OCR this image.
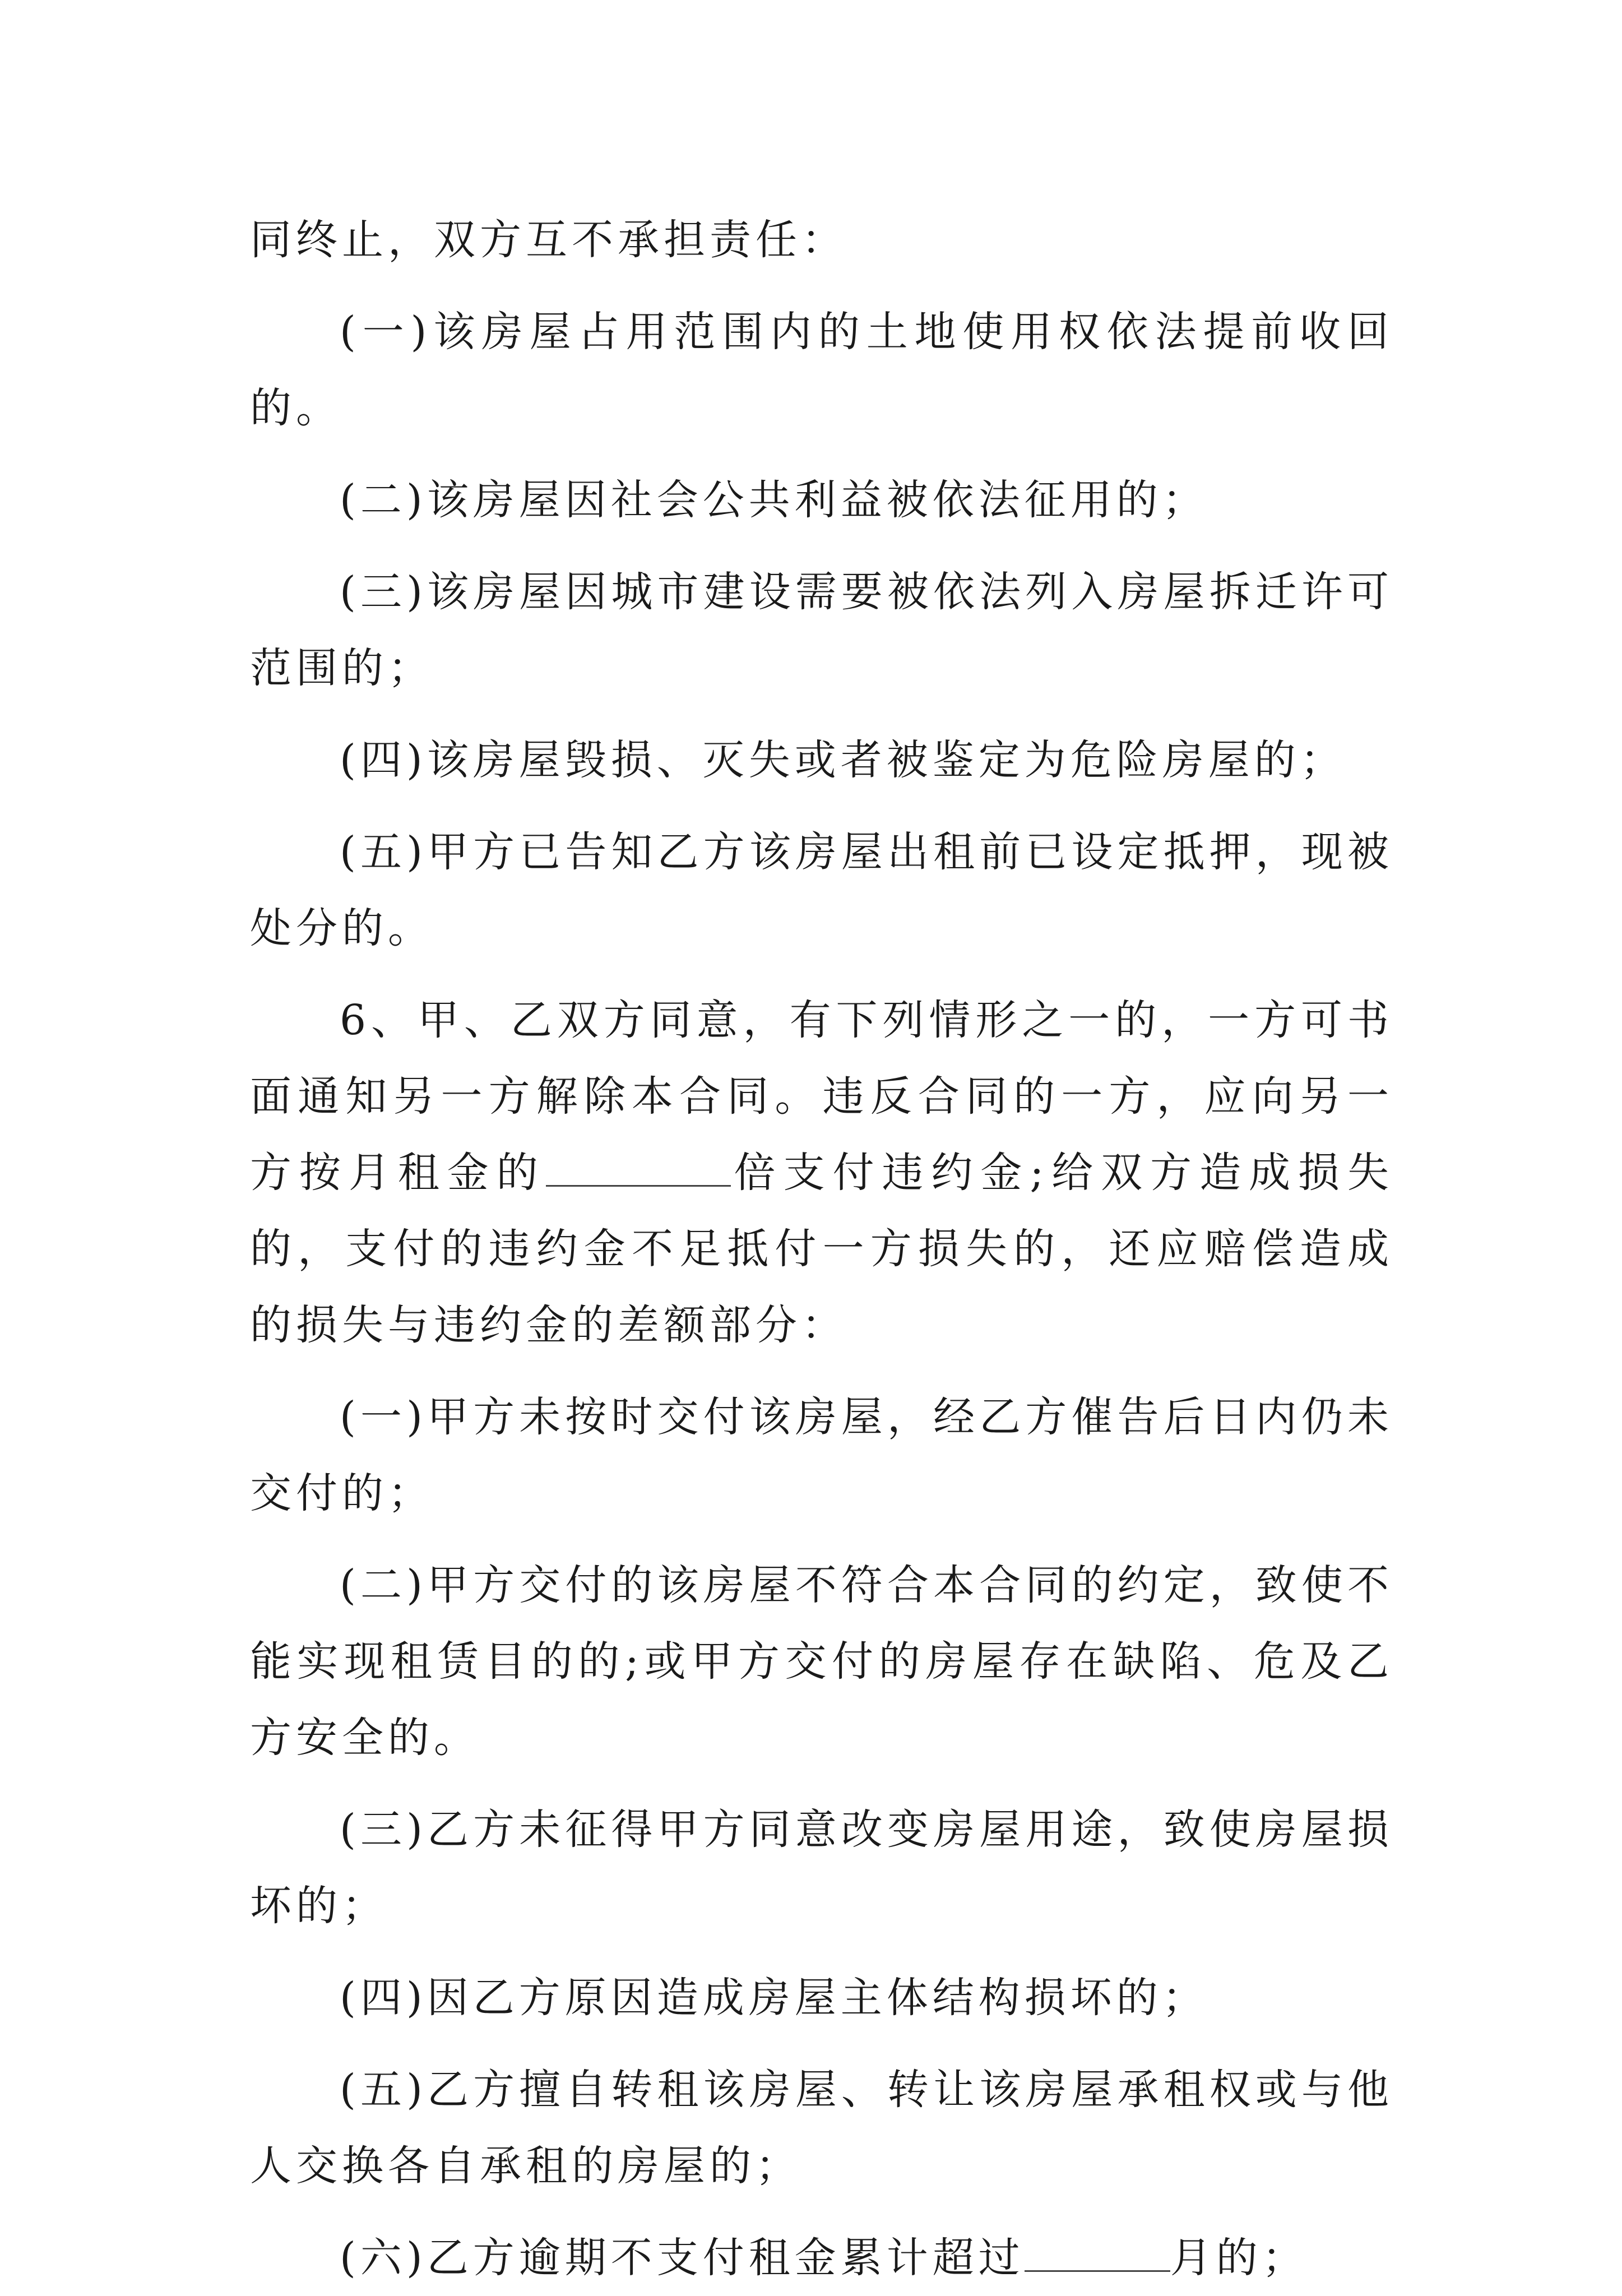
同终止，双方互不承担责任：

(一)该房屋占用范围内的土地使用权依法提前收回的。

(二)该房屋因社会公共利益被依法征用的；

(三)该房屋因城市建设需要被依法列入房屋拆迁许可范围的；

(四)该房屋毁损、灭失或者被鉴定为危险房屋的；

(五)甲方已告知乙方该房屋出租前已设定抵押，现被处分的。

6、甲、乙双方同意，有下列情形之一的，一方可书面通知另一方解除本合同。违反合同的一方，应向另一方按月租金的	倍支付违约金;给双方造成损失的，支付的违约金不足抵付一方损失的，还应赔偿造成的损失与违约金的差额部分：

(一)甲方未按时交付该房屋，经乙方催告后日内仍未交付的；

(二)甲方交付的该房屋不符合本合同的约定，致使不能实现租赁目的的;或甲方交付的房屋存在缺陷、危及乙方安全的。

(三)乙方未征得甲方同意改变房屋用途，致使房屋损坏的；

(四)因乙方原因造成房屋主体结构损坏的；

(五)乙方擅自转租该房屋、转让该房屋承租权或与他人交换各自承租的房屋的；

(六)乙方逾期不支付租金累计超过	月的；
